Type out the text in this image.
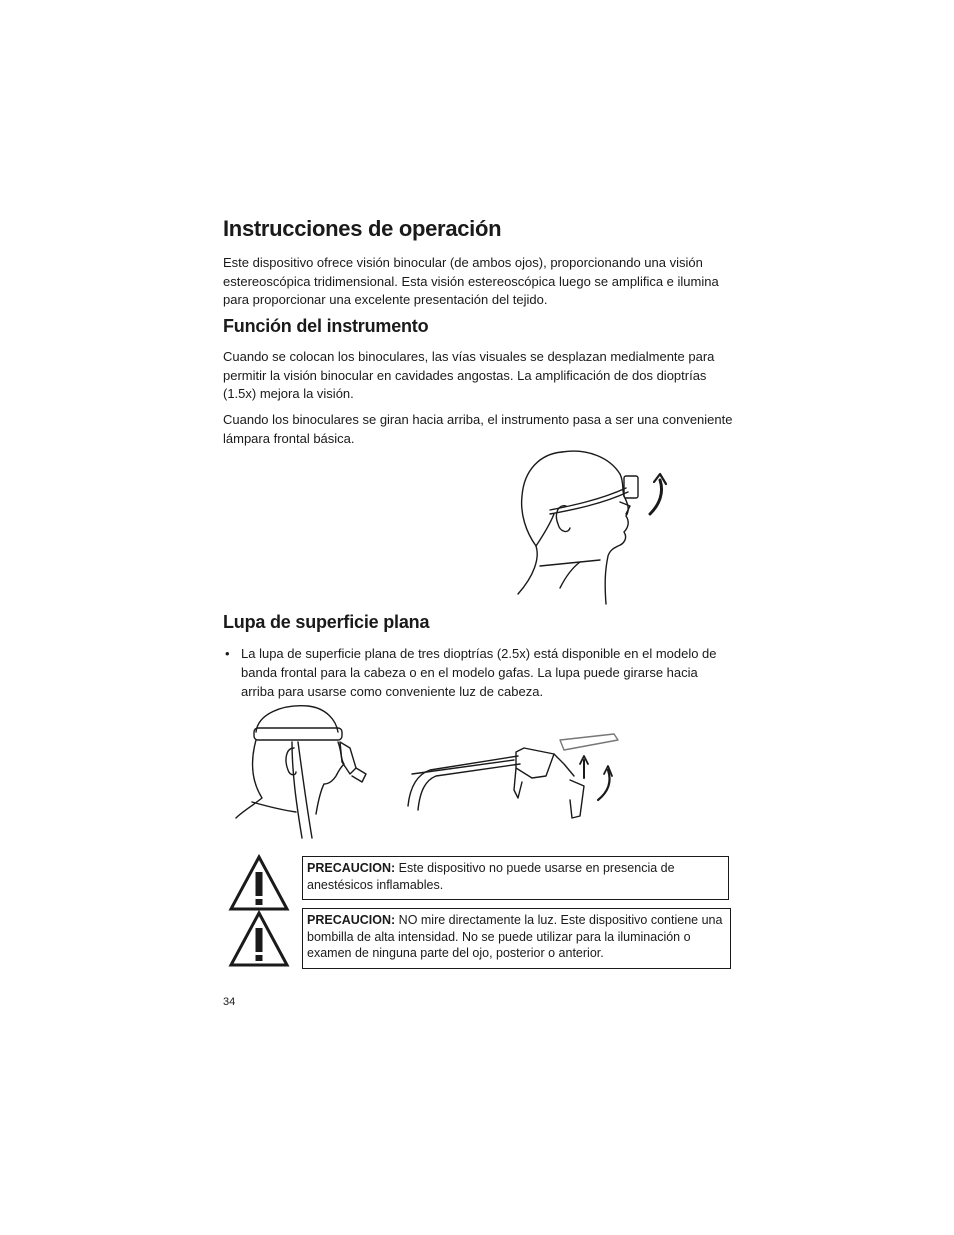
Instrucciones de operación

Este dispositivo ofrece visión binocular (de ambos ojos), proporcionando una visión estereoscópica tridimensional. Esta visión estereoscópica luego se amplifica e ilumina para proporcionar una excelente presentación del tejido.

Función del instrumento

Cuando se colocan los binoculares, las vías visuales se desplazan medialmente para permitir la visión binocular en cavidades angostas. La amplificación de dos dioptrías (1.5x) mejora la visión.

Cuando los binoculares se giran hacia arriba, el instrumento pasa a ser una conveniente lámpara frontal básica.

Lupa de superficie plana
• La lupa de superficie plana de tres dioptrías (2.5x) está disponible en el modelo de banda frontal para la cabeza o en el modelo gafas. La lupa puede girarse hacia arriba para usarse como conveniente luz de cabeza.

PRECAUCION: Este dispositivo no puede usarse en presencia de anestésicos inflamables.
PRECAUCION: NO mire directamente la luz. Este dispositivo contiene una bombilla de alta intensidad. No se puede utilizar para la iluminación o examen de ninguna parte del ojo, posterior o anterior.
34
